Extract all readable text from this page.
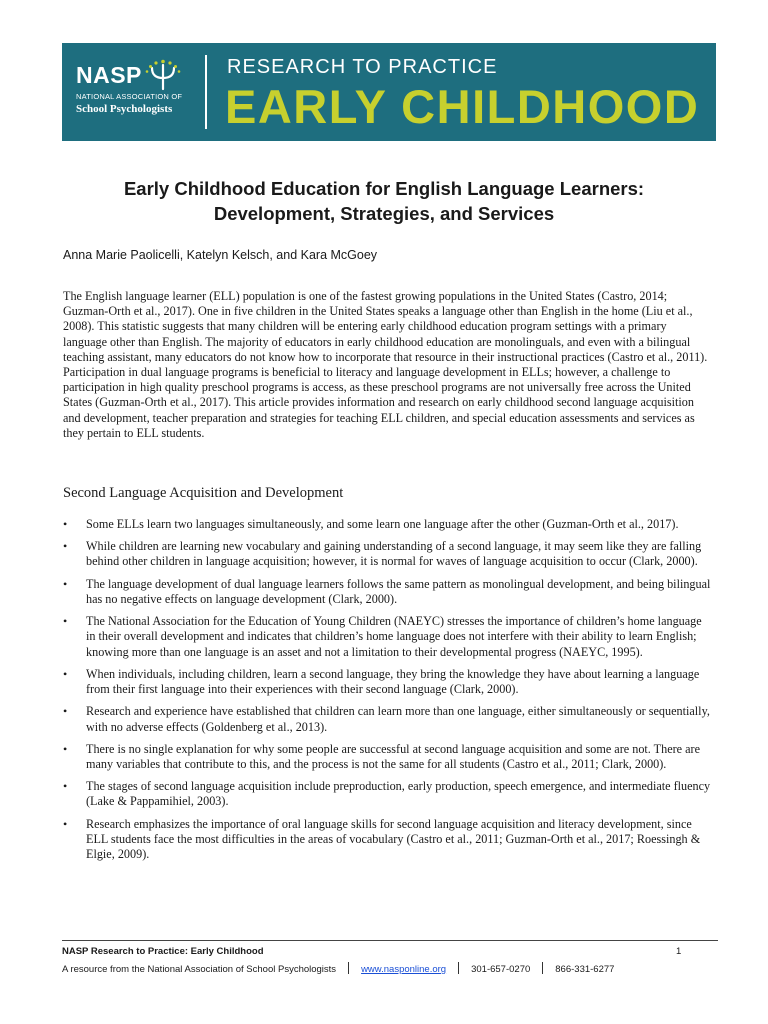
NASP
NATIONAL ASSOCIATION OF
School Psychologists
RESEARCH TO PRACTICE
EARLY CHILDHOOD
Early Childhood Education for English Language Learners:
Development, Strategies, and Services
Anna Marie Paolicelli, Katelyn Kelsch, and Kara McGoey

The English language learner (ELL) population is one of the fastest growing populations in the United States (Castro, 2014; Guzman-Orth et al., 2017). One in five children in the United States speaks a language other than English in the home (Liu et al., 2008). This statistic suggests that many children will be entering early childhood education program settings with a primary language other than English. The majority of educators in early childhood education are monolinguals, and even with a bilingual teaching assistant, many educators do not know how to incorporate that resource in their instructional practices (Castro et al., 2011). Participation in dual language programs is beneficial to literacy and language development in ELLs; however, a challenge to participation in high quality preschool programs is access, as these preschool programs are not universally free across the United States (Guzman-Orth et al., 2017). This article provides information and research on early childhood second language acquisition and development, teacher preparation and strategies for teaching ELL children, and special education assessments and services as they pertain to ELL students.

Second Language Acquisition and Development
• Some ELLs learn two languages simultaneously, and some learn one language after the other (Guzman-Orth et al., 2017).
• While children are learning new vocabulary and gaining understanding of a second language, it may seem like they are falling behind other children in language acquisition; however, it is normal for waves of language acquisition to occur (Clark, 2000).
• The language development of dual language learners follows the same pattern as monolingual development, and being bilingual has no negative effects on language development (Clark, 2000).
• The National Association for the Education of Young Children (NAEYC) stresses the importance of children’s home language in their overall development and indicates that children’s home language does not interfere with their ability to learn English; knowing more than one language is an asset and not a limitation to their developmental progress (NAEYC, 1995).
• When individuals, including children, learn a second language, they bring the knowledge they have about learning a language from their first language into their experiences with their second language (Clark, 2000).
• Research and experience have established that children can learn more than one language, either simultaneously or sequentially, with no adverse effects (Goldenberg et al., 2013).
• There is no single explanation for why some people are successful at second language acquisition and some are not. There are many variables that contribute to this, and the process is not the same for all students (Castro et al., 2011; Clark, 2000).
• The stages of second language acquisition include preproduction, early production, speech emergence, and intermediate fluency (Lake & Pappamihiel, 2003).
• Research emphasizes the importance of oral language skills for second language acquisition and literacy development, since ELL students face the most difficulties in the areas of vocabulary (Castro et al., 2011; Guzman-Orth et al., 2017; Roessingh & Elgie, 2009).
NASP Research to Practice: Early Childhood	1
A resource from the National Association of School Psychologists	www.nasponline.org	301-657-0270	866-331-6277
